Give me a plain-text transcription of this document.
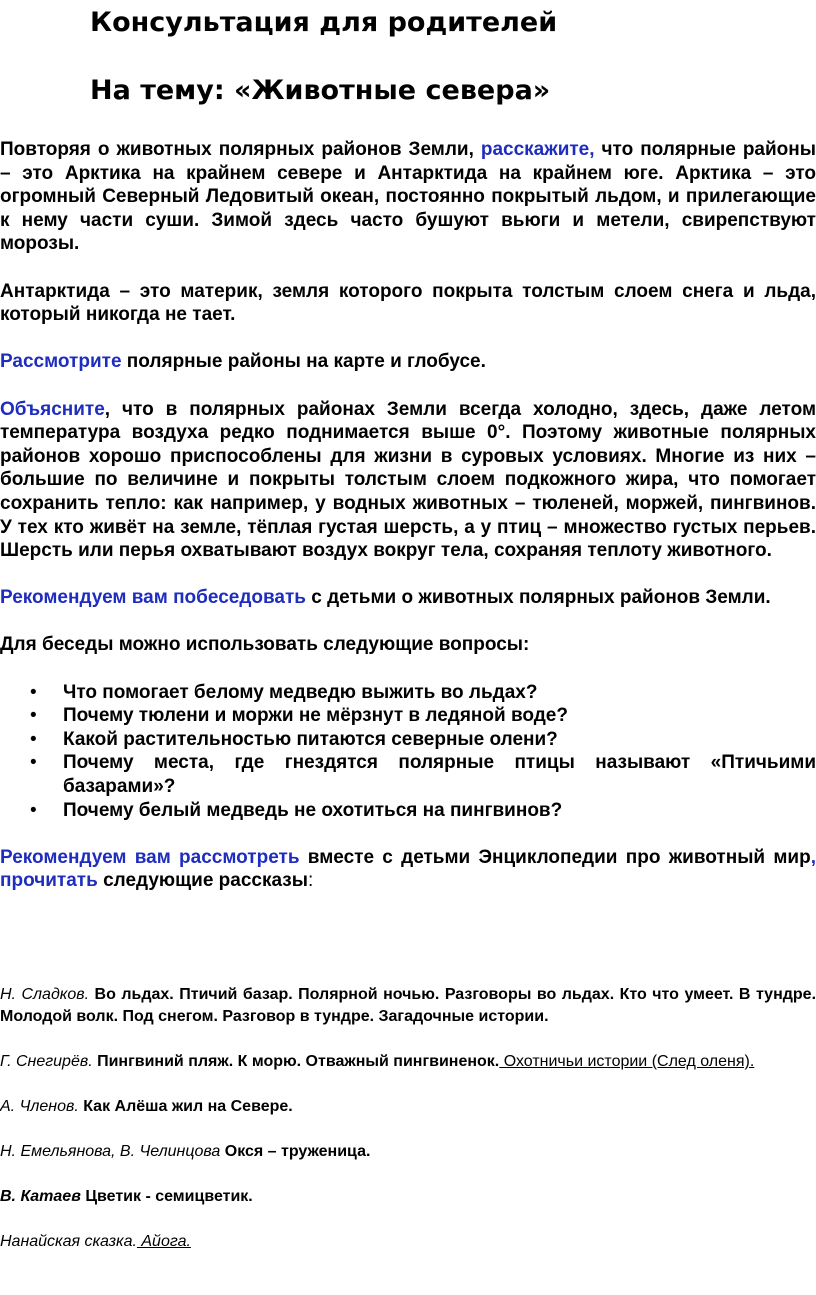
Консультация для родителей
На тему: «Животные севера»

Повторяя о животных полярных районов Земли, расскажите, что полярные районы – это Арктика на крайнем севере и Антарктида на крайнем юге. Арктика – это огромный Северный Ледовитый океан, постоянно покрытый льдом, и прилегающие к нему части суши. Зимой здесь часто бушуют вьюги и метели, свирепствуют морозы.

Антарктида – это материк, земля которого покрыта толстым слоем снега и льда, который никогда не тает.

Рассмотрите полярные районы на карте и глобусе.

Объясните, что в полярных районах Земли всегда холодно, здесь, даже летом температура воздуха редко поднимается выше 0°. Поэтому животные полярных районов хорошо приспособлены для жизни в суровых условиях. Многие из них – большие по величине и покрыты толстым слоем подкожного жира, что помогает сохранить тепло: как например, у водных животных – тюленей, моржей, пингвинов. У тех кто живёт на земле, тёплая густая шерсть, а у птиц – множество густых перьев. Шерсть или перья охватывают воздух вокруг тела, сохраняя теплоту животного.

Рекомендуем вам побеседовать с детьми о животных полярных районов Земли.

Для беседы можно использовать следующие вопросы:

• Что помогает белому медведю выжить во льдах?
• Почему тюлени и моржи не мёрзнут в ледяной воде?
• Какой растительностью питаются северные олени?
• Почему места, где гнездятся полярные птицы называют «Птичьими базарами»?
• Почему белый медведь не охотиться на пингвинов?

Рекомендуем вам рассмотреть вместе с детьми Энциклопедии про животный мир, прочитать следующие рассказы:

Н. Сладков. Во льдах. Птичий базар. Полярной ночью. Разговоры во льдах. Кто что умеет. В тундре. Молодой волк. Под снегом. Разговор в тундре. Загадочные истории.

Г. Снегирёв. Пингвиний пляж. К морю. Отважный пингвиненок. Охотничьи истории (След оленя).

А. Членов. Как Алёша жил на Севере.

Н. Емельянова, В. Челинцова Окся – труженица.

В. Катаев Цветик - семицветик.

Нанайская сказка. Айога.
